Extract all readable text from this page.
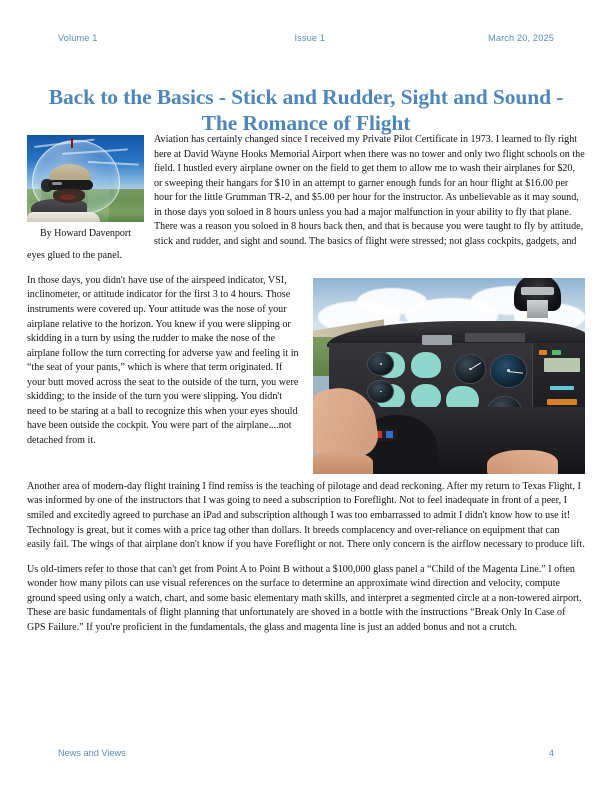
Volume 1	Issue 1	March 20, 2025
Back to the Basics - Stick and Rudder, Sight and Sound - The Romance of Flight
By Howard Davenport

Aviation has certainly changed since I received my Private Pilot Certificate in 1973. I learned to fly right here at David Wayne Hooks Memorial Airport when there was no tower and only two flight schools on the field. I hustled every airplane owner on the field to get them to allow me to wash their airplanes for $20, or sweeping their hangars for $10 in an attempt to garner enough funds for an hour flight at $16.00 per hour for the little Grumman TR-2, and $5.00 per hour for the instructor. As unbelievable as it may sound, in those days you soloed in 8 hours unless you had a major malfunction in your ability to fly that plane. There was a reason you soloed in 8 hours back then, and that is because you were taught to fly by attitude, stick and rudder, and sight and sound. The basics of flight were stressed; not glass cockpits, gadgets, and eyes glued to the panel.

In those days, you didn't have use of the airspeed indicator, VSI, inclinometer, or attitude indicator for the first 3 to 4 hours. Those instruments were covered up. Your attitude was the nose of your airplane relative to the horizon. You knew if you were slipping or skidding in a turn by using the rudder to make the nose of the airplane follow the turn correcting for adverse yaw and feeling it in “the seat of your pants,” which is where that term originated. If your butt moved across the seat to the outside of the turn, you were skidding; to the inside of the turn you were slipping. You didn't need to be staring at a ball to recognize this when your eyes should have been outside the cockpit. You were part of the airplane....not detached from it.

Another area of modern-day flight training I find remiss is the teaching of pilotage and dead reckoning. After my return to Texas Flight, I was informed by one of the instructors that I was going to need a subscription to Foreflight. Not to feel inadequate in front of a peer, I smiled and excitedly agreed to purchase an iPad and subscription although I was too embarrassed to admit I didn't know how to use it! Technology is great, but it comes with a price tag other than dollars. It breeds complacency and over-reliance on equipment that can easily fail. The wings of that airplane don't know if you have Foreflight or not. There only concern is the airflow necessary to produce lift.

Us old-timers refer to those that can't get from Point A to Point B without a $100,000 glass panel a “Child of the Magenta Line.” I often wonder how many pilots can use visual references on the surface to determine an approximate wind direction and velocity, compute ground speed using only a watch, chart, and some basic elementary math skills, and interpret a segmented circle at a non-towered airport. These are basic fundamentals of flight planning that unfortunately are shoved in a bottle with the instructions “Break Only In Case of GPS Failure.” If you're proficient in the fundamentals, the glass and magenta line is just an added bonus and not a crutch.

News and Views	4
